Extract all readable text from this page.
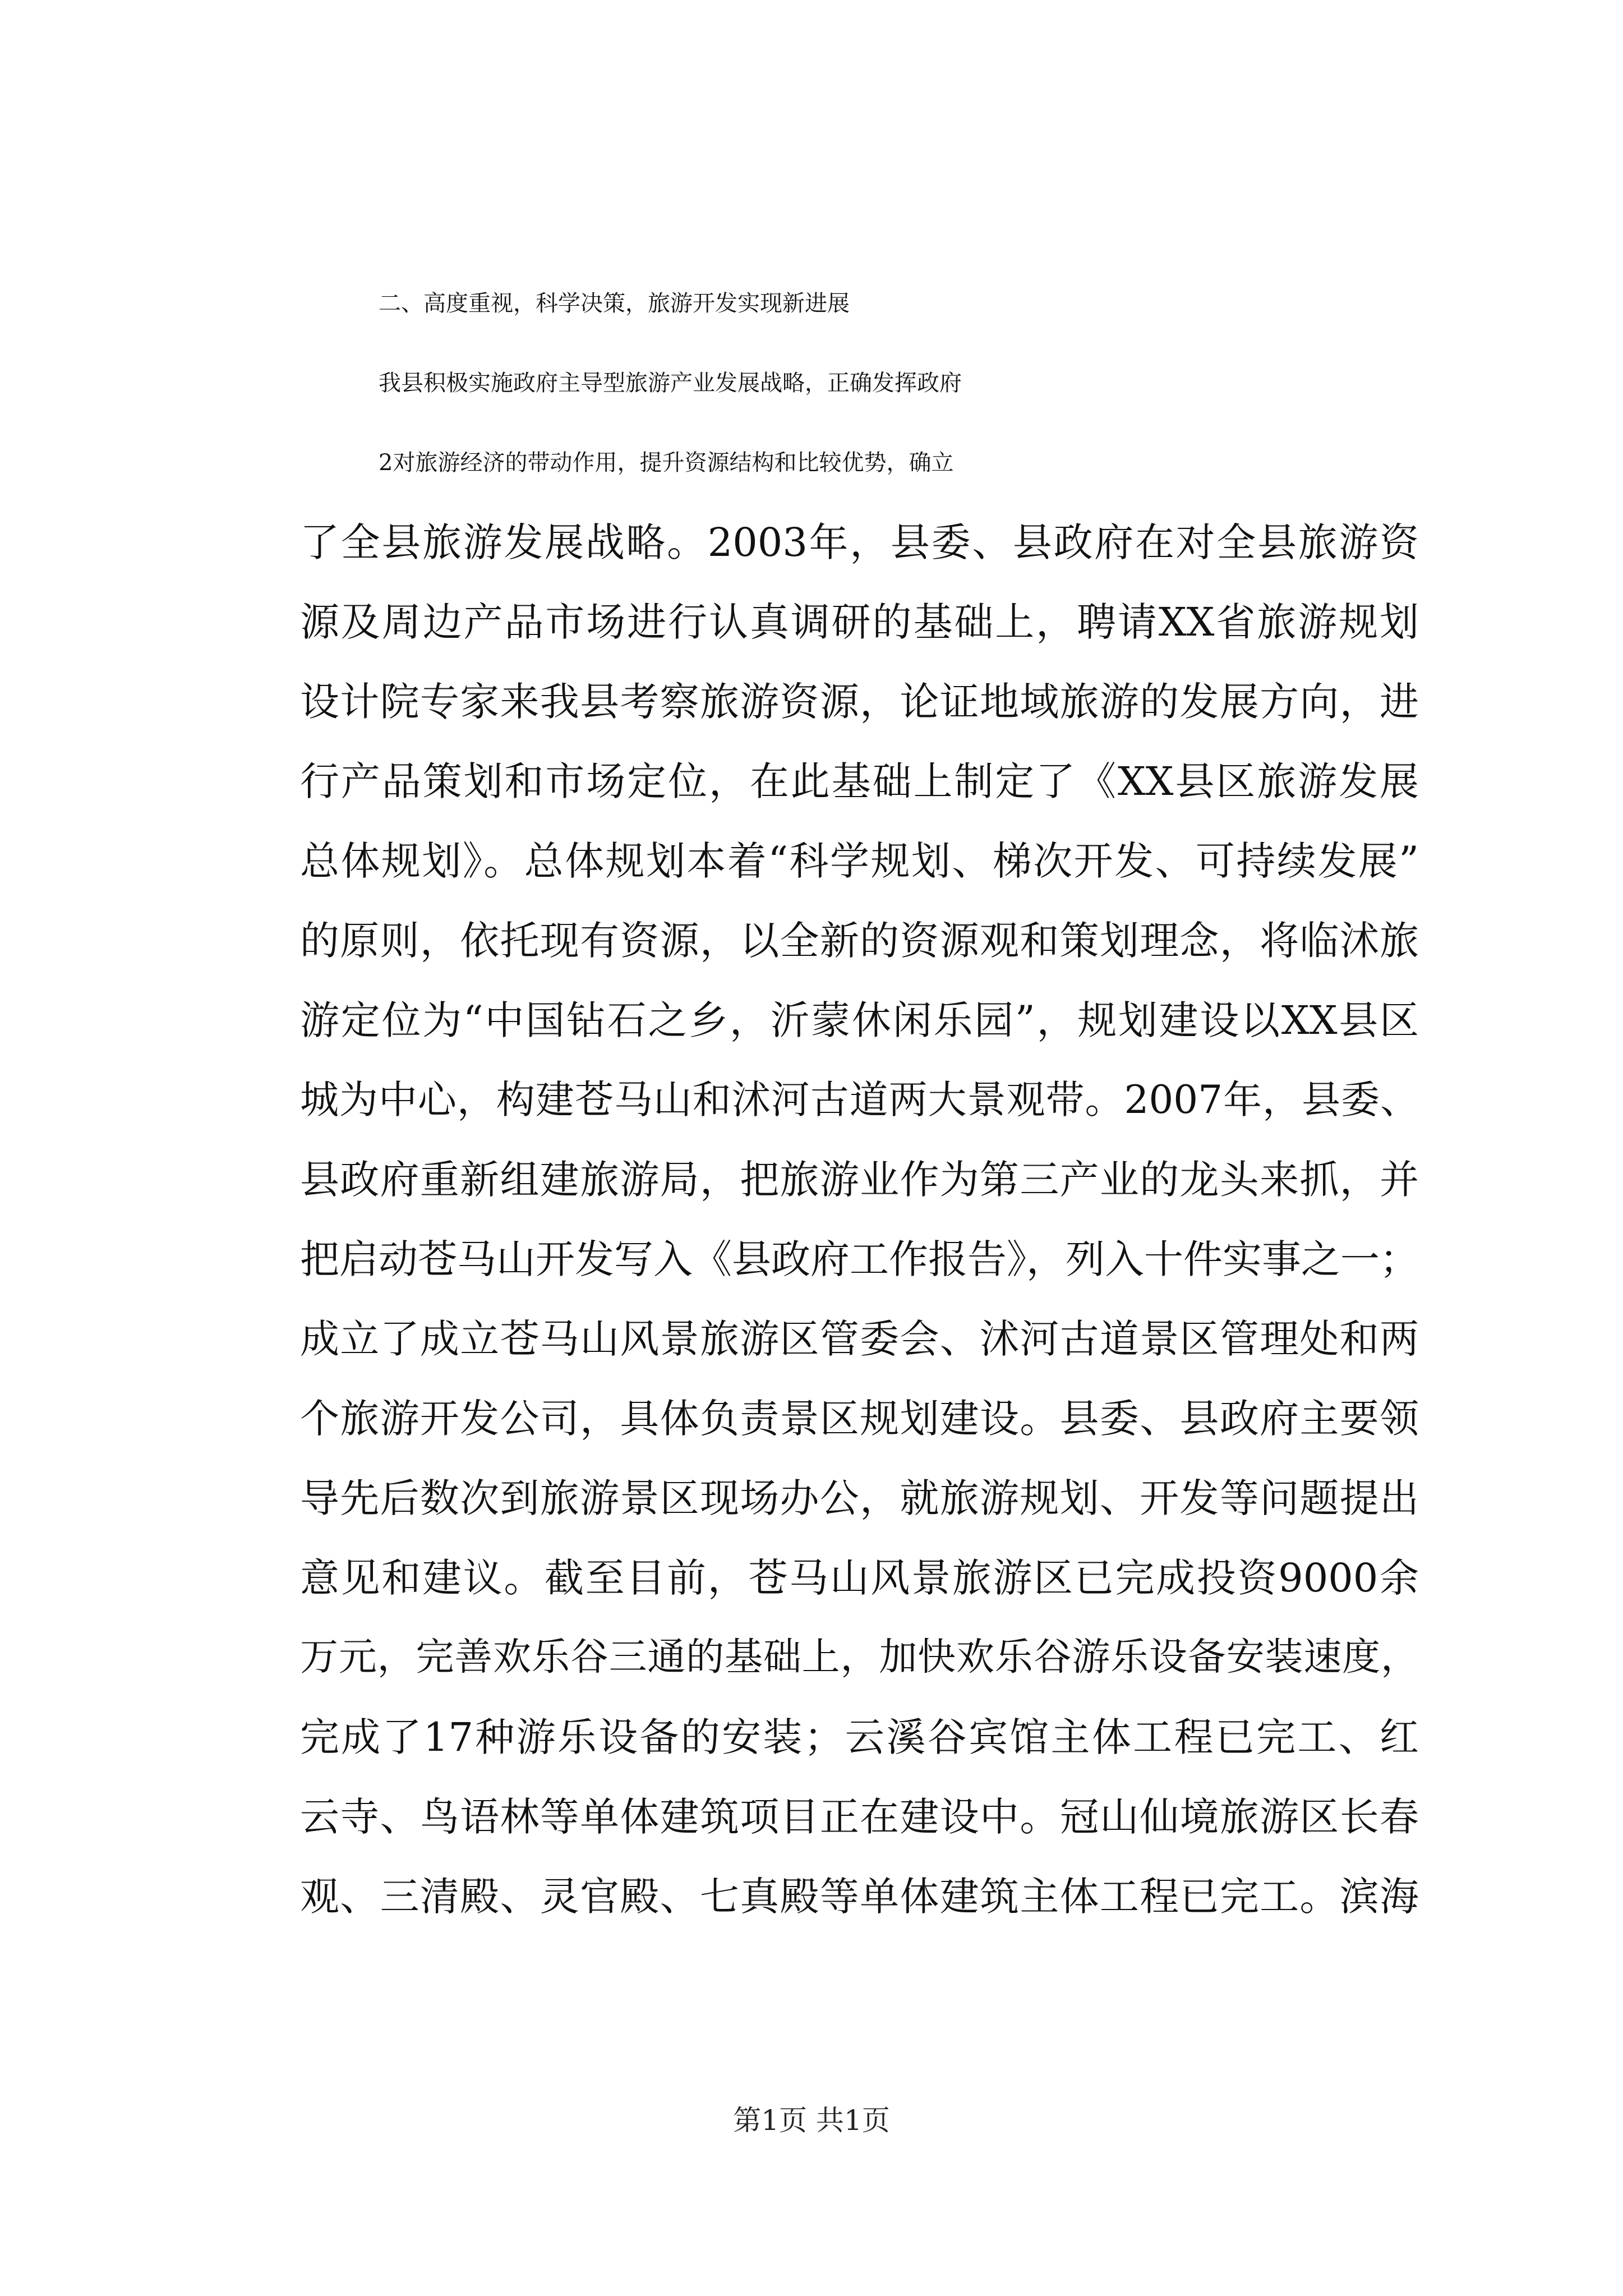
二、高度重视，科学决策，旅游开发实现新进展
我县积极实施政府主导型旅游产业发展战略，正确发挥政府
2对旅游经济的带动作用，提升资源结构和比较优势，确立
了全县旅游发展战略。2003年，县委、县政府在对全县旅游资
源及周边产品市场进行认真调研的基础上，聘请XX省旅游规划
设计院专家来我县考察旅游资源，论证地域旅游的发展方向，进
行产品策划和市场定位，在此基础上制定了《XX县区旅游发展
总体规划》。总体规划本着“科学规划、梯次开发、可持续发展”
的原则，依托现有资源，以全新的资源观和策划理念，将临沭旅
游定位为“中国钻石之乡，沂蒙休闲乐园”，规划建设以XX县区
城为中心，构建苍马山和沭河古道两大景观带。2007年，县委、
县政府重新组建旅游局，把旅游业作为第三产业的龙头来抓，并
把启动苍马山开发写入《县政府工作报告》，列入十件实事之一；
成立了成立苍马山风景旅游区管委会、沭河古道景区管理处和两
个旅游开发公司，具体负责景区规划建设。县委、县政府主要领
导先后数次到旅游景区现场办公，就旅游规划、开发等问题提出
意见和建议。截至目前，苍马山风景旅游区已完成投资9000余
万元，完善欢乐谷三通的基础上，加快欢乐谷游乐设备安装速度，
完成了17种游乐设备的安装；云溪谷宾馆主体工程已完工、红
云寺、鸟语林等单体建筑项目正在建设中。冠山仙境旅游区长春
观、三清殿、灵官殿、七真殿等单体建筑主体工程已完工。滨海
第1页 共1页
